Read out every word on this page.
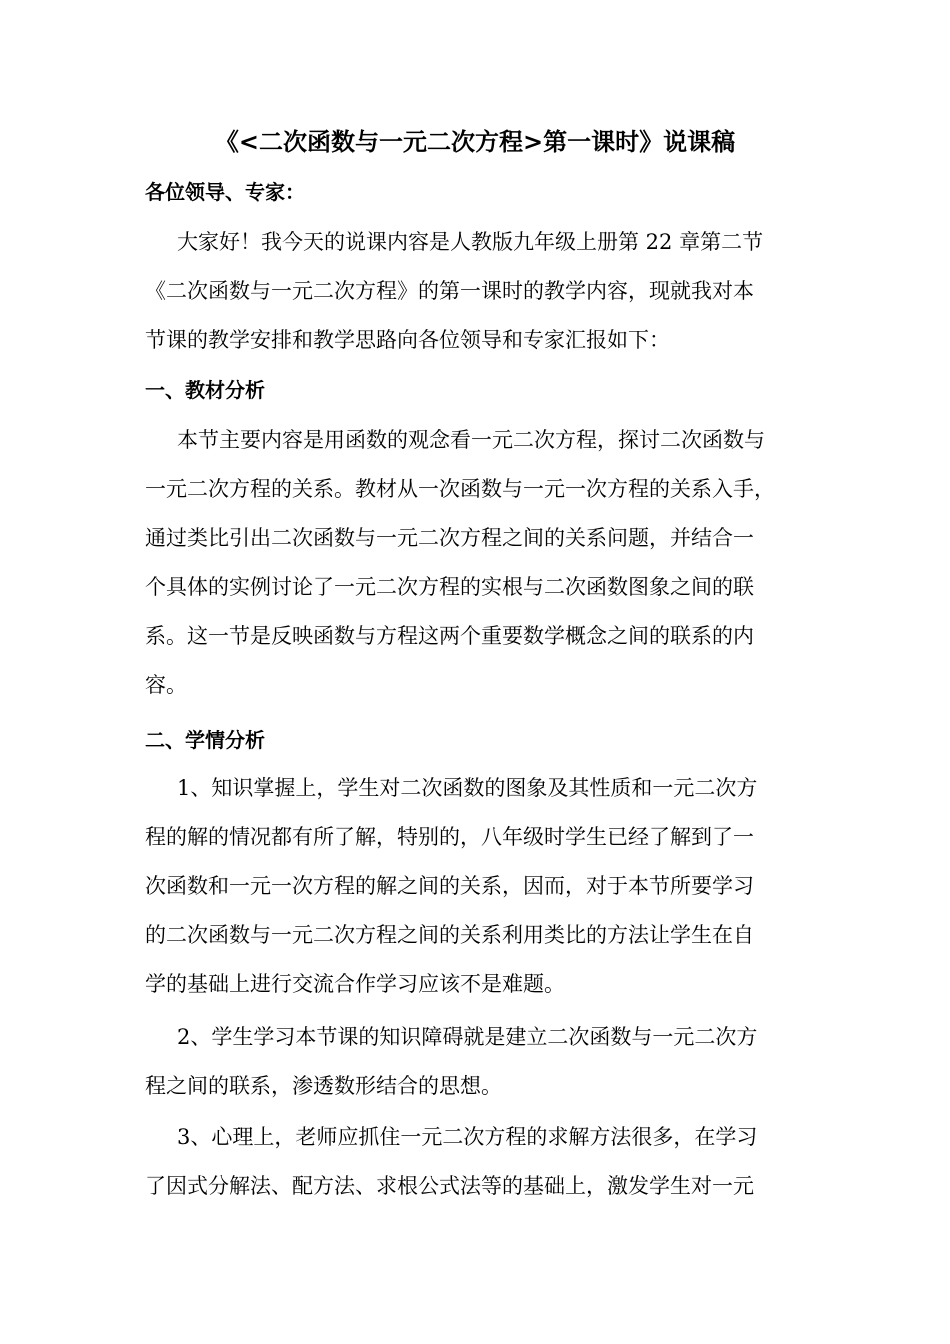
《<二次函数与一元二次方程>第一课时》说课稿
各位领导、专家：
大家好！我今天的说课内容是人教版九年级上册第 22 章第二节
《二次函数与一元二次方程》的第一课时的教学内容，现就我对本
节课的教学安排和教学思路向各位领导和专家汇报如下：
一、教材分析
本节主要内容是用函数的观念看一元二次方程，探讨二次函数与
一元二次方程的关系。教材从一次函数与一元一次方程的关系入手，
通过类比引出二次函数与一元二次方程之间的关系问题，并结合一
个具体的实例讨论了一元二次方程的实根与二次函数图象之间的联
系。这一节是反映函数与方程这两个重要数学概念之间的联系的内
容。
二、学情分析
1、知识掌握上，学生对二次函数的图象及其性质和一元二次方
程的解的情况都有所了解，特别的，八年级时学生已经了解到了一
次函数和一元一次方程的解之间的关系，因而，对于本节所要学习
的二次函数与一元二次方程之间的关系利用类比的方法让学生在自
学的基础上进行交流合作学习应该不是难题。
2、学生学习本节课的知识障碍就是建立二次函数与一元二次方
程之间的联系，渗透数形结合的思想。
3、心理上，老师应抓住一元二次方程的求解方法很多，在学习
了因式分解法、配方法、求根公式法等的基础上，激发学生对一元
